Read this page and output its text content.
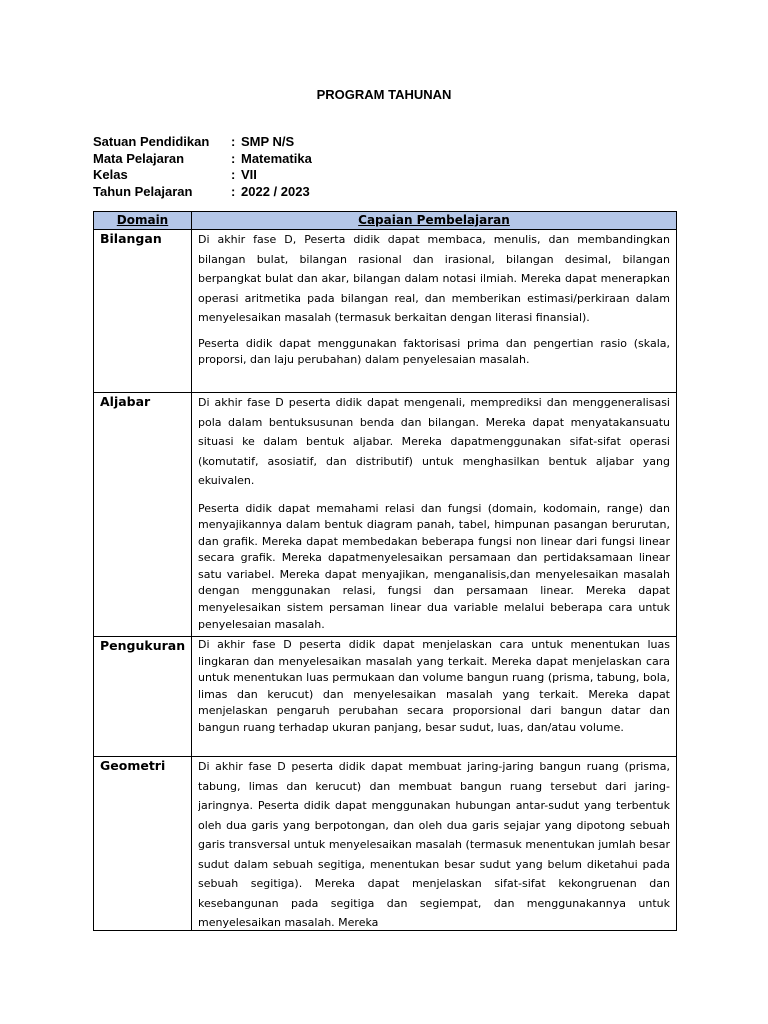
PROGRAM TAHUNAN
Satuan Pendidikan	: SMP N/S
Mata Pelajaran	: Matematika
Kelas	: VII
Tahun Pelajaran	: 2022 / 2023
Domain	Capaian Pembelajaran
Bilangan	Di akhir fase D, Peserta didik dapat membaca, menulis, dan membandingkan bilangan bulat, bilangan rasional dan irasional, bilangan desimal, bilangan berpangkat bulat dan akar, bilangan dalam notasi ilmiah. Mereka dapat menerapkan operasi aritmetika pada bilangan real, dan memberikan estimasi/perkiraan dalam menyelesaikan masalah (termasuk berkaitan dengan literasi finansial).

Peserta didik dapat menggunakan faktorisasi prima dan pengertian rasio (skala, proporsi, dan laju perubahan) dalam penyelesaian masalah.

Aljabar	Di akhir fase D peserta didik dapat mengenali, memprediksi dan menggeneralisasi pola dalam bentuksusunan benda dan bilangan. Mereka dapat menyatakansuatu situasi ke dalam bentuk aljabar. Mereka dapatmenggunakan sifat-sifat operasi (komutatif, asosiatif, dan distributif) untuk menghasilkan bentuk aljabar yang ekuivalen.

Peserta didik dapat memahami relasi dan fungsi (domain, kodomain, range) dan menyajikannya dalam bentuk diagram panah, tabel, himpunan pasangan berurutan, dan grafik. Mereka dapat membedakan beberapa fungsi non linear dari fungsi linear secara grafik. Mereka dapatmenyelesaikan persamaan dan pertidaksamaan linear satu variabel. Mereka dapat menyajikan, menganalisis,dan menyelesaikan masalah dengan menggunakan relasi, fungsi dan persamaan linear. Mereka dapat menyelesaikan sistem persaman linear dua variable melalui beberapa cara untuk penyelesaian masalah.

Pengukuran	Di akhir fase D peserta didik dapat menjelaskan cara untuk menentukan luas lingkaran dan menyelesaikan masalah yang terkait. Mereka dapat menjelaskan cara untuk menentukan luas permukaan dan volume bangun ruang (prisma, tabung, bola, limas dan kerucut) dan menyelesaikan masalah yang terkait. Mereka dapat menjelaskan pengaruh perubahan secara proporsional dari bangun datar dan bangun ruang terhadap ukuran panjang, besar sudut, luas, dan/atau volume.

Geometri	Di akhir fase D peserta didik dapat membuat jaring-jaring bangun ruang (prisma, tabung, limas dan kerucut) dan membuat bangun ruang tersebut dari jaring-jaringnya. Peserta didik dapat menggunakan hubungan antar-sudut yang terbentuk oleh dua garis yang berpotongan, dan oleh dua garis sejajar yang dipotong sebuah garis transversal untuk menyelesaikan masalah (termasuk menentukan jumlah besar sudut dalam sebuah segitiga, menentukan besar sudut yang belum diketahui pada sebuah segitiga). Mereka dapat menjelaskan sifat-sifat kekongruenan dan kesebangunan pada segitiga dan segiempat, dan menggunakannya untuk menyelesaikan masalah. Mereka
